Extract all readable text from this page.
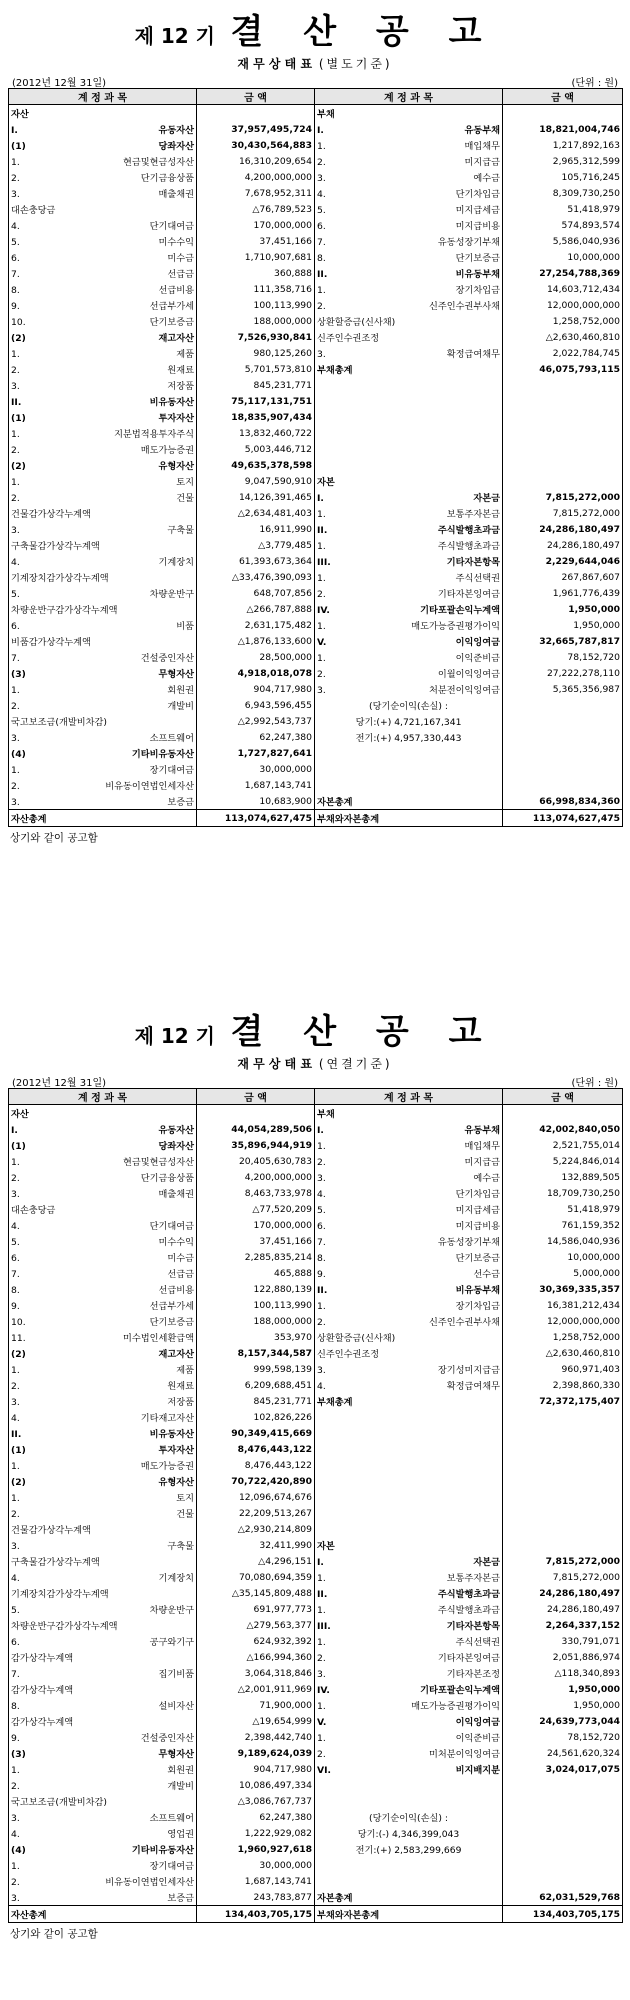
제 12 기 결 산 공 고
재 무 상 태 표 (별도기준)
(2012년 12월 31일)	(단위 : 원)
계 정 과 목	금 액	계 정 과 목	금 액
자산		부채	
I. 유동자산	37,957,495,724	I. 유동부채	18,821,004,746
(1) 당좌자산	30,430,564,883	1. 매입채무	1,217,892,163
1. 현금및현금성자산	16,310,209,654	2. 미지급금	2,965,312,599
2. 단기금융상품	4,200,000,000	3. 예수금	105,716,245
3. 매출채권	7,678,952,311	4. 단기차입금	8,309,730,250
대손충당금	△76,789,523	5. 미지급세금	51,418,979
4. 단기대여금	170,000,000	6. 미지급비용	574,893,574
5. 미수수익	37,451,166	7. 유동성장기부채	5,586,040,936
6. 미수금	1,710,907,681	8. 단기보증금	10,000,000
7. 선급금	360,888	II. 비유동부채	27,254,788,369
8. 선급비용	111,358,716	1. 장기차입금	14,603,712,434
9. 선급부가세	100,113,990	2. 신주인수권부사채	12,000,000,000
10. 단기보증금	188,000,000	상환할증금(신사채)	1,258,752,000
(2) 재고자산	7,526,930,841	신주인수권조정	△2,630,460,810
1. 제품	980,125,260	3. 확정급여채무	2,022,784,745
2. 원재료	5,701,573,810	부채총계	46,075,793,115
3. 저장품	845,231,771		
II. 비유동자산	75,117,131,751		
(1) 투자자산	18,835,907,434		
1. 지분법적용투자주식	13,832,460,722		
2. 매도가능증권	5,003,446,712		
(2) 유형자산	49,635,378,598		
1. 토지	9,047,590,910	자본	
2. 건물	14,126,391,465	I. 자본금	7,815,272,000
건물감가상각누계액	△2,634,481,403	1. 보통주자본금	7,815,272,000
3. 구축물	16,911,990	II. 주식발행초과금	24,286,180,497
구축물감가상각누계액	△3,779,485	1. 주식발행초과금	24,286,180,497
4. 기계장치	61,393,673,364	III. 기타자본항목	2,229,644,046
기계장치감가상각누계액	△33,476,390,093	1. 주식선택권	267,867,607
5. 차량운반구	648,707,856	2. 기타자본잉여금	1,961,776,439
차량운반구감가상각누계액	△266,787,888	IV. 기타포괄손익누계액	1,950,000
6. 비품	2,631,175,482	1. 매도가능증권평가이익	1,950,000
비품감가상각누계액	△1,876,133,600	V. 이익잉여금	32,665,787,817
7. 건설중인자산	28,500,000	1. 이익준비금	78,152,720
(3) 무형자산	4,918,018,078	2. 이월이익잉여금	27,222,278,110
1. 회원권	904,717,980	3. 처분전이익잉여금	5,365,356,987
2. 개발비	6,943,596,455	(당기순이익(손실) :	
국고보조금(개발비차감)	△2,992,543,737	당기:(+) 4,721,167,341	
3. 소프트웨어	62,247,380	전기:(+) 4,957,330,443	
(4) 기타비유동자산	1,727,827,641		
1. 장기대여금	30,000,000		
2. 비유동이연법인세자산	1,687,143,741		
3. 보증금	10,683,900	자본총계	66,998,834,360
자산총계	113,074,627,475	부채와자본총계	113,074,627,475
상기와 같이 공고함
제 12 기 결 산 공 고
재 무 상 태 표 (연결기준)
(2012년 12월 31일)	(단위 : 원)
계 정 과 목	금 액	계 정 과 목	금 액
자산		부채	
I. 유동자산	44,054,289,506	I. 유동부채	42,002,840,050
(1) 당좌자산	35,896,944,919	1. 매입채무	2,521,755,014
1. 현금및현금성자산	20,405,630,783	2. 미지급금	5,224,846,014
2. 단기금융상품	4,200,000,000	3. 예수금	132,889,505
3. 매출채권	8,463,733,978	4. 단기차입금	18,709,730,250
대손충당금	△77,520,209	5. 미지급세금	51,418,979
4. 단기대여금	170,000,000	6. 미지급비용	761,159,352
5. 미수수익	37,451,166	7. 유동성장기부채	14,586,040,936
6. 미수금	2,285,835,214	8. 단기보증금	10,000,000
7. 선급금	465,888	9. 선수금	5,000,000
8. 선급비용	122,880,139	II. 비유동부채	30,369,335,357
9. 선급부가세	100,113,990	1. 장기차입금	16,381,212,434
10. 단기보증금	188,000,000	2. 신주인수권부사채	12,000,000,000
11. 미수법인세환급액	353,970	상환할증금(신사채)	1,258,752,000
(2) 재고자산	8,157,344,587	신주인수권조정	△2,630,460,810
1. 제품	999,598,139	3. 장기성미지급금	960,971,403
2. 원재료	6,209,688,451	4. 확정급여채무	2,398,860,330
3. 저장품	845,231,771	부채총계	72,372,175,407
4. 기타재고자산	102,826,226		
II. 비유동자산	90,349,415,669		
(1) 투자자산	8,476,443,122		
1. 매도가능증권	8,476,443,122		
(2) 유형자산	70,722,420,890		
1. 토지	12,096,674,676		
2. 건물	22,209,513,267		
건물감가상각누계액	△2,930,214,809		
3. 구축물	32,411,990	자본	
구축물감가상각누계액	△4,296,151	I. 자본금	7,815,272,000
4. 기계장치	70,080,694,359	1. 보통주자본금	7,815,272,000
기계장치감가상각누계액	△35,145,809,488	II. 주식발행초과금	24,286,180,497
5. 차량운반구	691,977,773	1. 주식발행초과금	24,286,180,497
차량운반구감가상각누계액	△279,563,377	III. 기타자본항목	2,264,337,152
6. 공구와기구	624,932,392	1. 주식선택권	330,791,071
감가상각누계액	△166,994,360	2. 기타자본잉여금	2,051,886,974
7. 집기비품	3,064,318,846	3. 기타자본조정	△118,340,893
감가상각누계액	△2,001,911,969	IV. 기타포괄손익누계액	1,950,000
8. 설비자산	71,900,000	1. 매도가능증권평가이익	1,950,000
감가상각누계액	△19,654,999	V. 이익잉여금	24,639,773,044
9. 건설중인자산	2,398,442,740	1. 이익준비금	78,152,720
(3) 무형자산	9,189,624,039	2. 미처분이익잉여금	24,561,620,324
1. 회원권	904,717,980	VI. 비지배지분	3,024,017,075
2. 개발비	10,086,497,334		
국고보조금(개발비차감)	△3,086,767,737		
3. 소프트웨어	62,247,380	(당기순이익(손실) :	
4. 영업권	1,222,929,082	당기:(-) 4,346,399,043	
(4) 기타비유동자산	1,960,927,618	전기:(+) 2,583,299,669	
1. 장기대여금	30,000,000		
2. 비유동이연법인세자산	1,687,143,741		
3. 보증금	243,783,877	자본총계	62,031,529,768
자산총계	134,403,705,175	부채와자본총계	134,403,705,175
상기와 같이 공고함
